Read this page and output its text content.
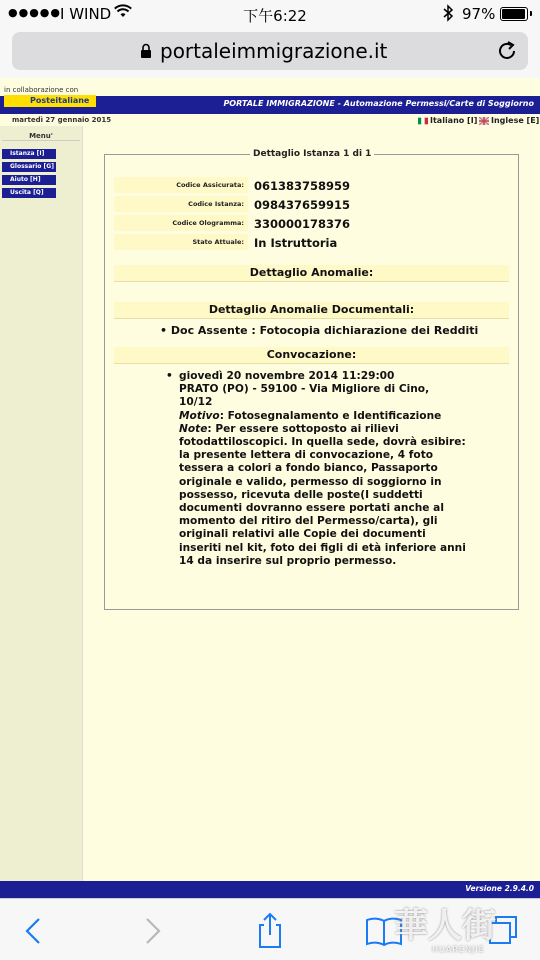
●●●●● I WIND	下午6:22	97%
portaleimmigrazione.it
in collaborazione con
PORTALE IMMIGRAZIONE - Automazione Permessi/Carte di Soggiorno
Posteitaliane
martedì 27 gennaio 2015	Italiano [I] Inglese [E]
Menu'
Istanza [I]
Glossario [G]
Aiuto [H]
Uscita [Q]
Dettaglio Istanza 1 di 1
Codice Assicurata: 061383758959
Codice Istanza: 098437659915
Codice Ologramma: 330000178376
Stato Attuale: In Istruttoria
Dettaglio Anomalie:
Dettaglio Anomalie Documentali:
• Doc Assente : Fotocopia dichiarazione dei Redditi
Convocazione:
• giovedì 20 novembre 2014 11:29:00
PRATO (PO) - 59100 - Via Migliore di Cino, 10/12
Motivo: Fotosegnalamento e Identificazione
Note: Per essere sottoposto ai rilievi fotodattiloscopici. In quella sede, dovrà esibire: la presente lettera di convocazione, 4 foto tessera a colori a fondo bianco, Passaporto originale e valido, permesso di soggiorno in possesso, ricevuta delle poste(I suddetti documenti dovranno essere portati anche al momento del ritiro del Permesso/carta), gli originali relativi alle Copie dei documenti inseriti nel kit, foto dei figli di età inferiore anni 14 da inserire sul proprio permesso.
Versione 2.9.4.0
華人街
HUARENJIE
